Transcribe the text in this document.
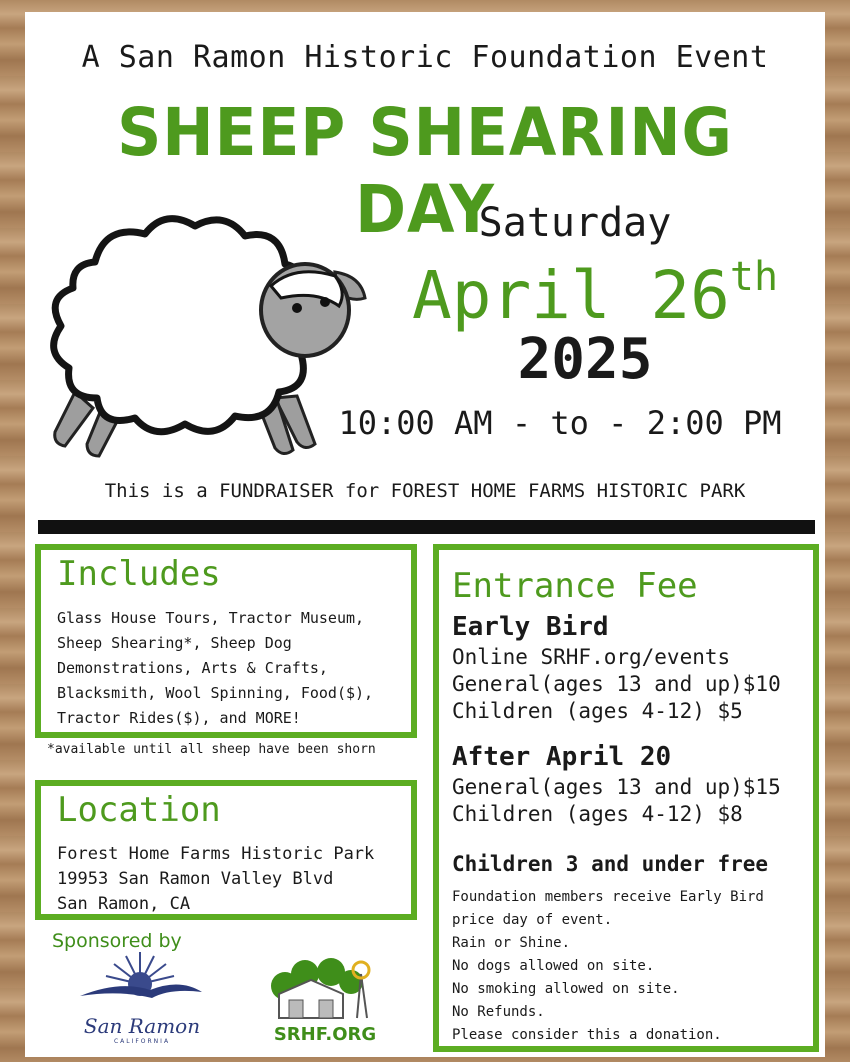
A San Ramon Historic Foundation Event
SHEEP SHEARING DAY
Saturday
April 26th
2025
10:00 AM - to - 2:00 PM
This is a FUNDRAISER for FOREST HOME FARMS HISTORIC PARK
Includes
Glass House Tours, Tractor Museum,
Sheep Shearing*, Sheep Dog
Demonstrations, Arts & Crafts,
Blacksmith, Wool Spinning, Food($),
Tractor Rides($), and MORE!
*available until all sheep have been shorn
Location
Forest Home Farms Historic Park
19953 San Ramon Valley Blvd
San Ramon, CA
Entrance Fee
Early Bird
Online SRHF.org/events
General(ages 13 and up)$10
Children (ages 4-12) $5
After April 20
General(ages 13 and up)$15
Children (ages 4-12) $8
Children 3 and under free
Foundation members receive Early Bird
price day of event.
Rain or Shine.
No dogs allowed on site.
No smoking allowed on site.
No Refunds.
Please consider this a donation.
Sponsored by
San Ramon
CALIFORNIA	SRHF.ORG
